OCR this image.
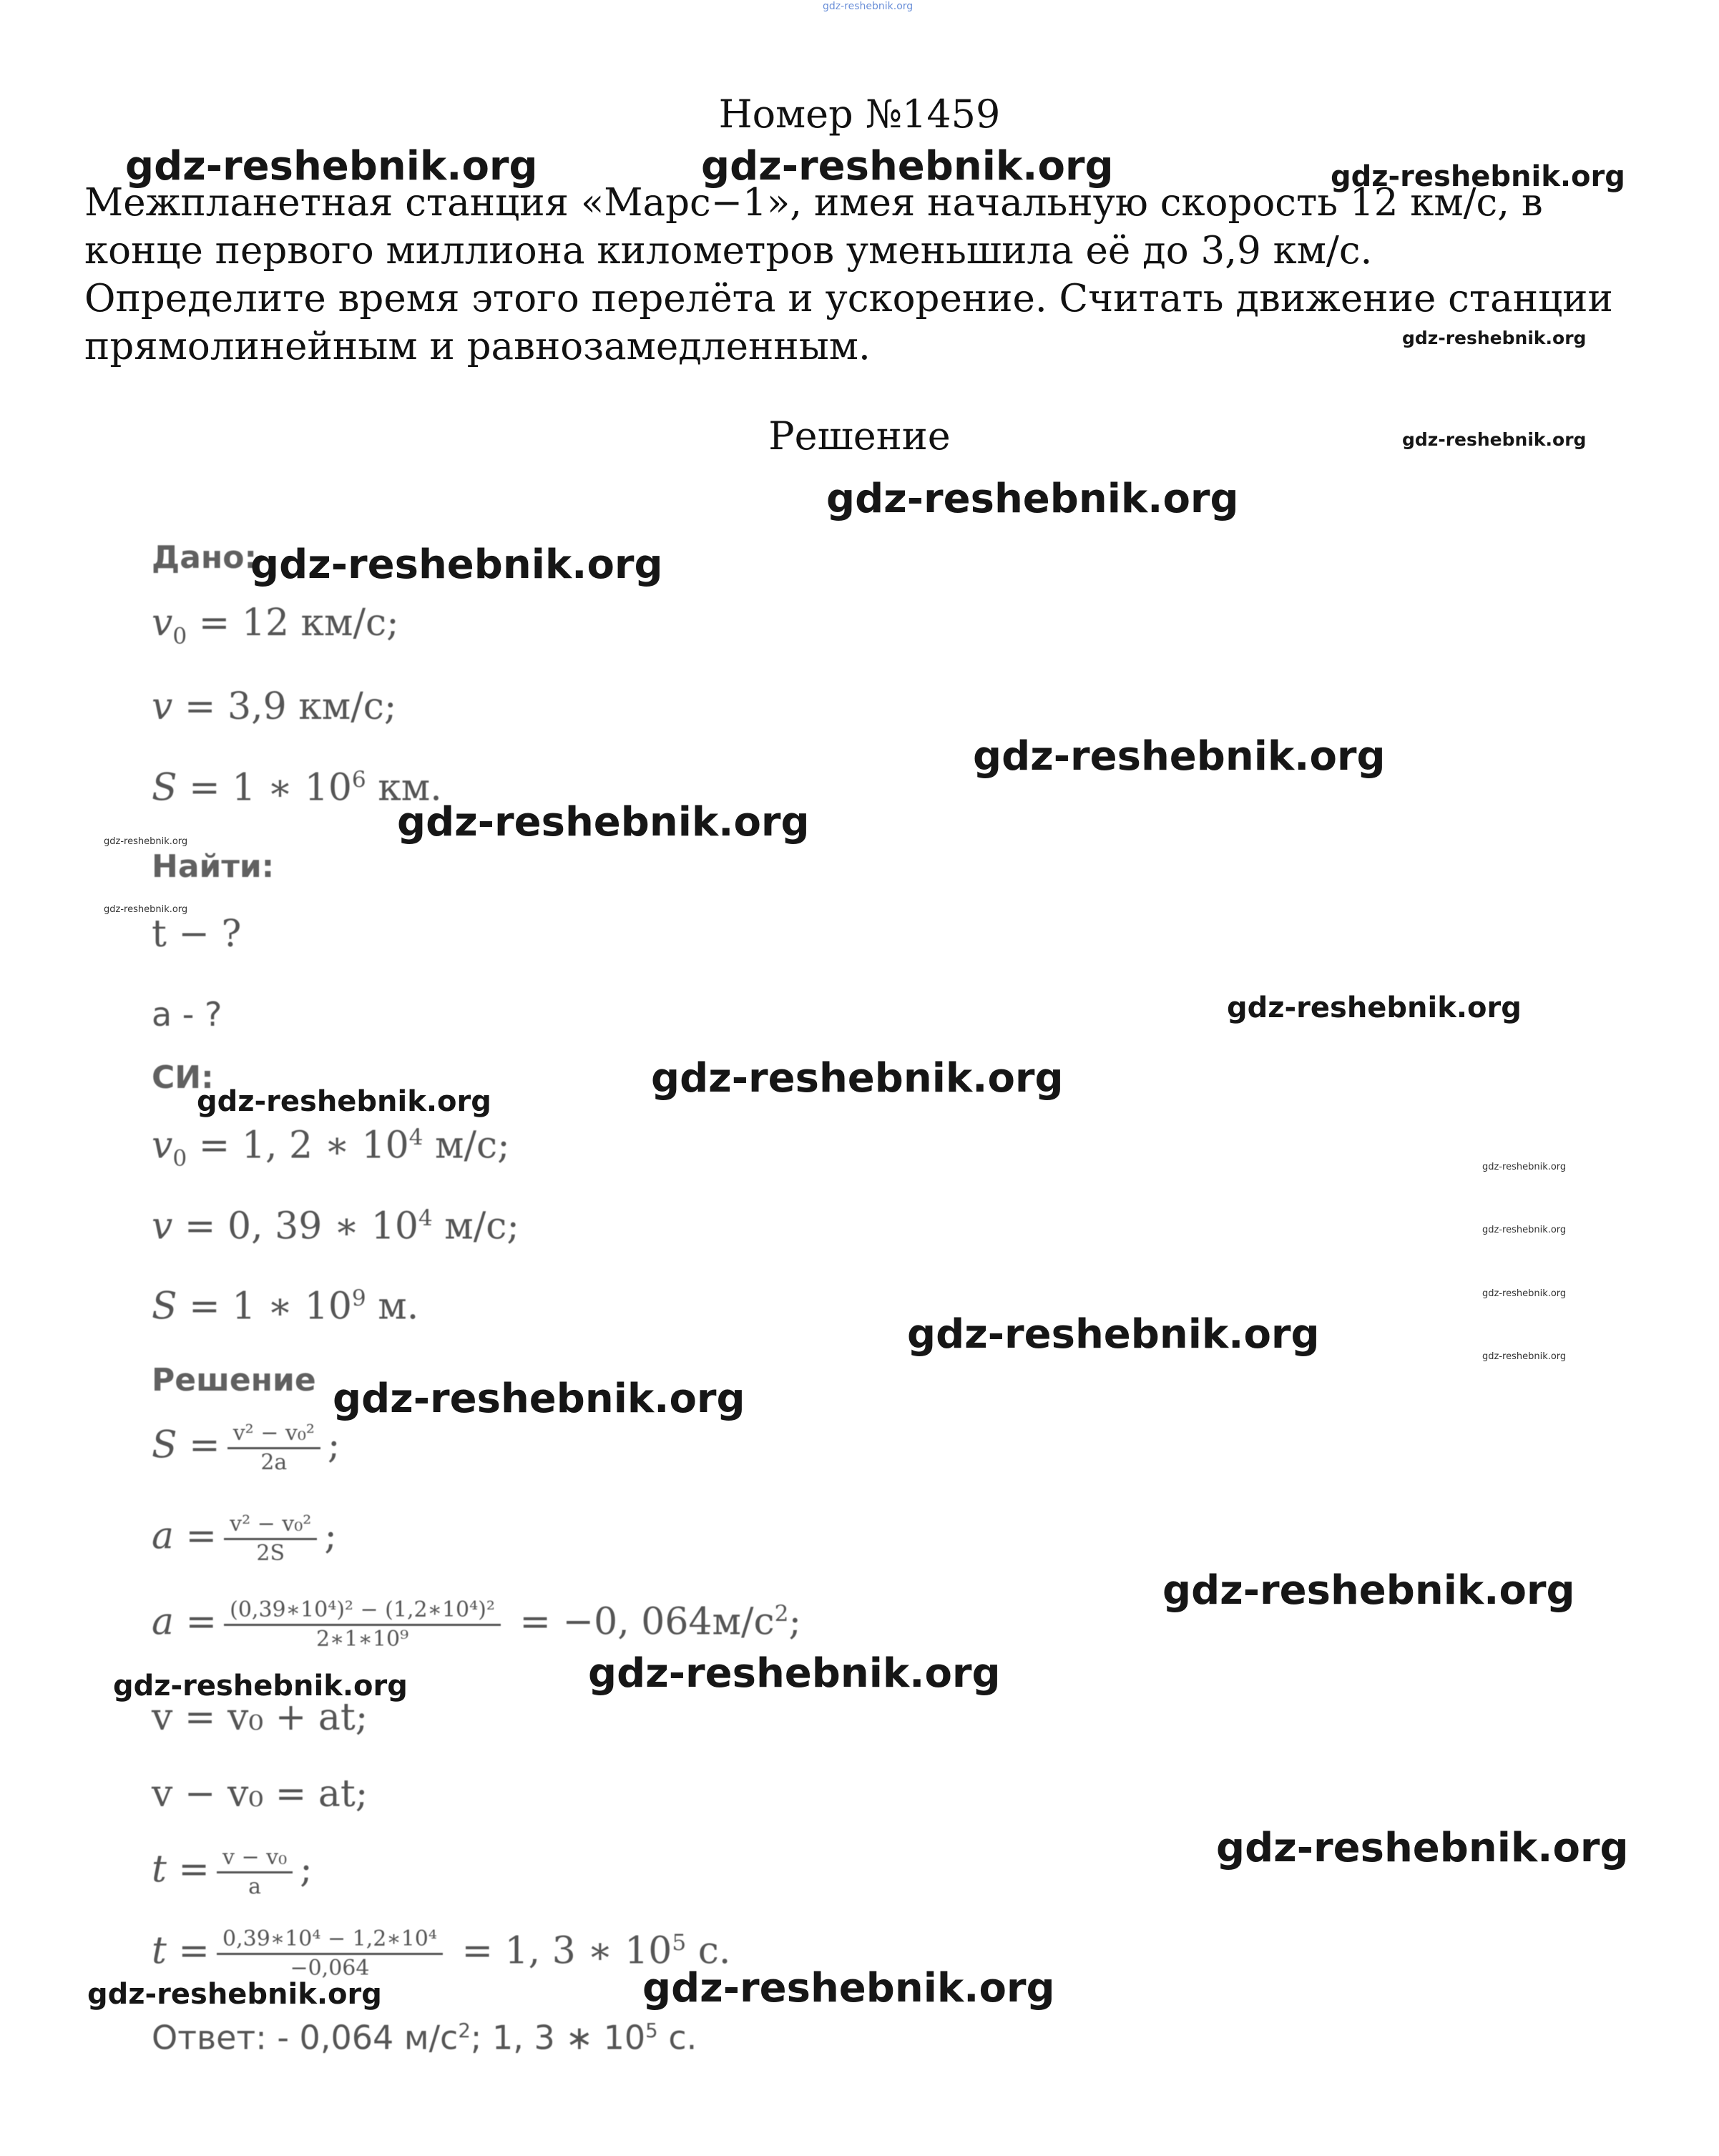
gdz-reshebnik.org
Номер №1459

Межпланетная станция «Марс−1», имея начальную скорость 12 км/с, в конце первого миллиона километров уменьшила её до 3,9 км/с. Определите время этого перелёта и ускорение. Считать движение станции прямолинейным и равнозамедленным.

Решение
Дано:
$v_0 = 12$ км/с;
v = 3,9 км/с;
S = 1 ∗ $10^6$ км.
Найти:
t − ?
a - ?
СИ:
$v_0 = 1$, 2 ∗ $10^4$ м/с;
v = 0, 39 ∗ $10^4$ м/с;
S = 1 ∗ $10^9$ м.
Решение
$S = \frac{\text{v² − v₀²}}{2a}$ ;
$a = \frac{\text{v² − v₀²}}{2S}$ ;
$a = \frac{\text{(0,39∗10⁴)² − (1,2∗10⁴)²}}{\text{2∗1∗10⁹}} = -0$, $064м/с^2$;
v = v₀ + at;
v − v₀ = at;
$t = \frac{\text{v − v₀}}{a}$ ;
$t = \frac{\text{0,39∗10⁴ − 1,2∗10⁴}}{-0,064} = 1$, 3 ∗ $10^5$ с.
Ответ: - 0,064 $м/с^2$; 1, 3 ∗ $10^5$ с.
gdz-reshebnik.org	gdz-reshebnik.org	gdz-reshebnik.org
gdz-reshebnik.org
gdz-reshebnik.org
gdz-reshebnik.org
gdz-reshebnik.org
gdz-reshebnik.org
gdz-reshebnik.org
gdz-reshebnik.org
gdz-reshebnik.org
gdz-reshebnik.org
gdz-reshebnik.org
gdz-reshebnik.org
gdz-reshebnik.org
gdz-reshebnik.org
gdz-reshebnik.org
gdz-reshebnik.org
gdz-reshebnik.org
gdz-reshebnik.org
gdz-reshebnik.org
gdz-reshebnik.org	gdz-reshebnik.org
gdz-reshebnik.org
gdz-reshebnik.org	gdz-reshebnik.org
